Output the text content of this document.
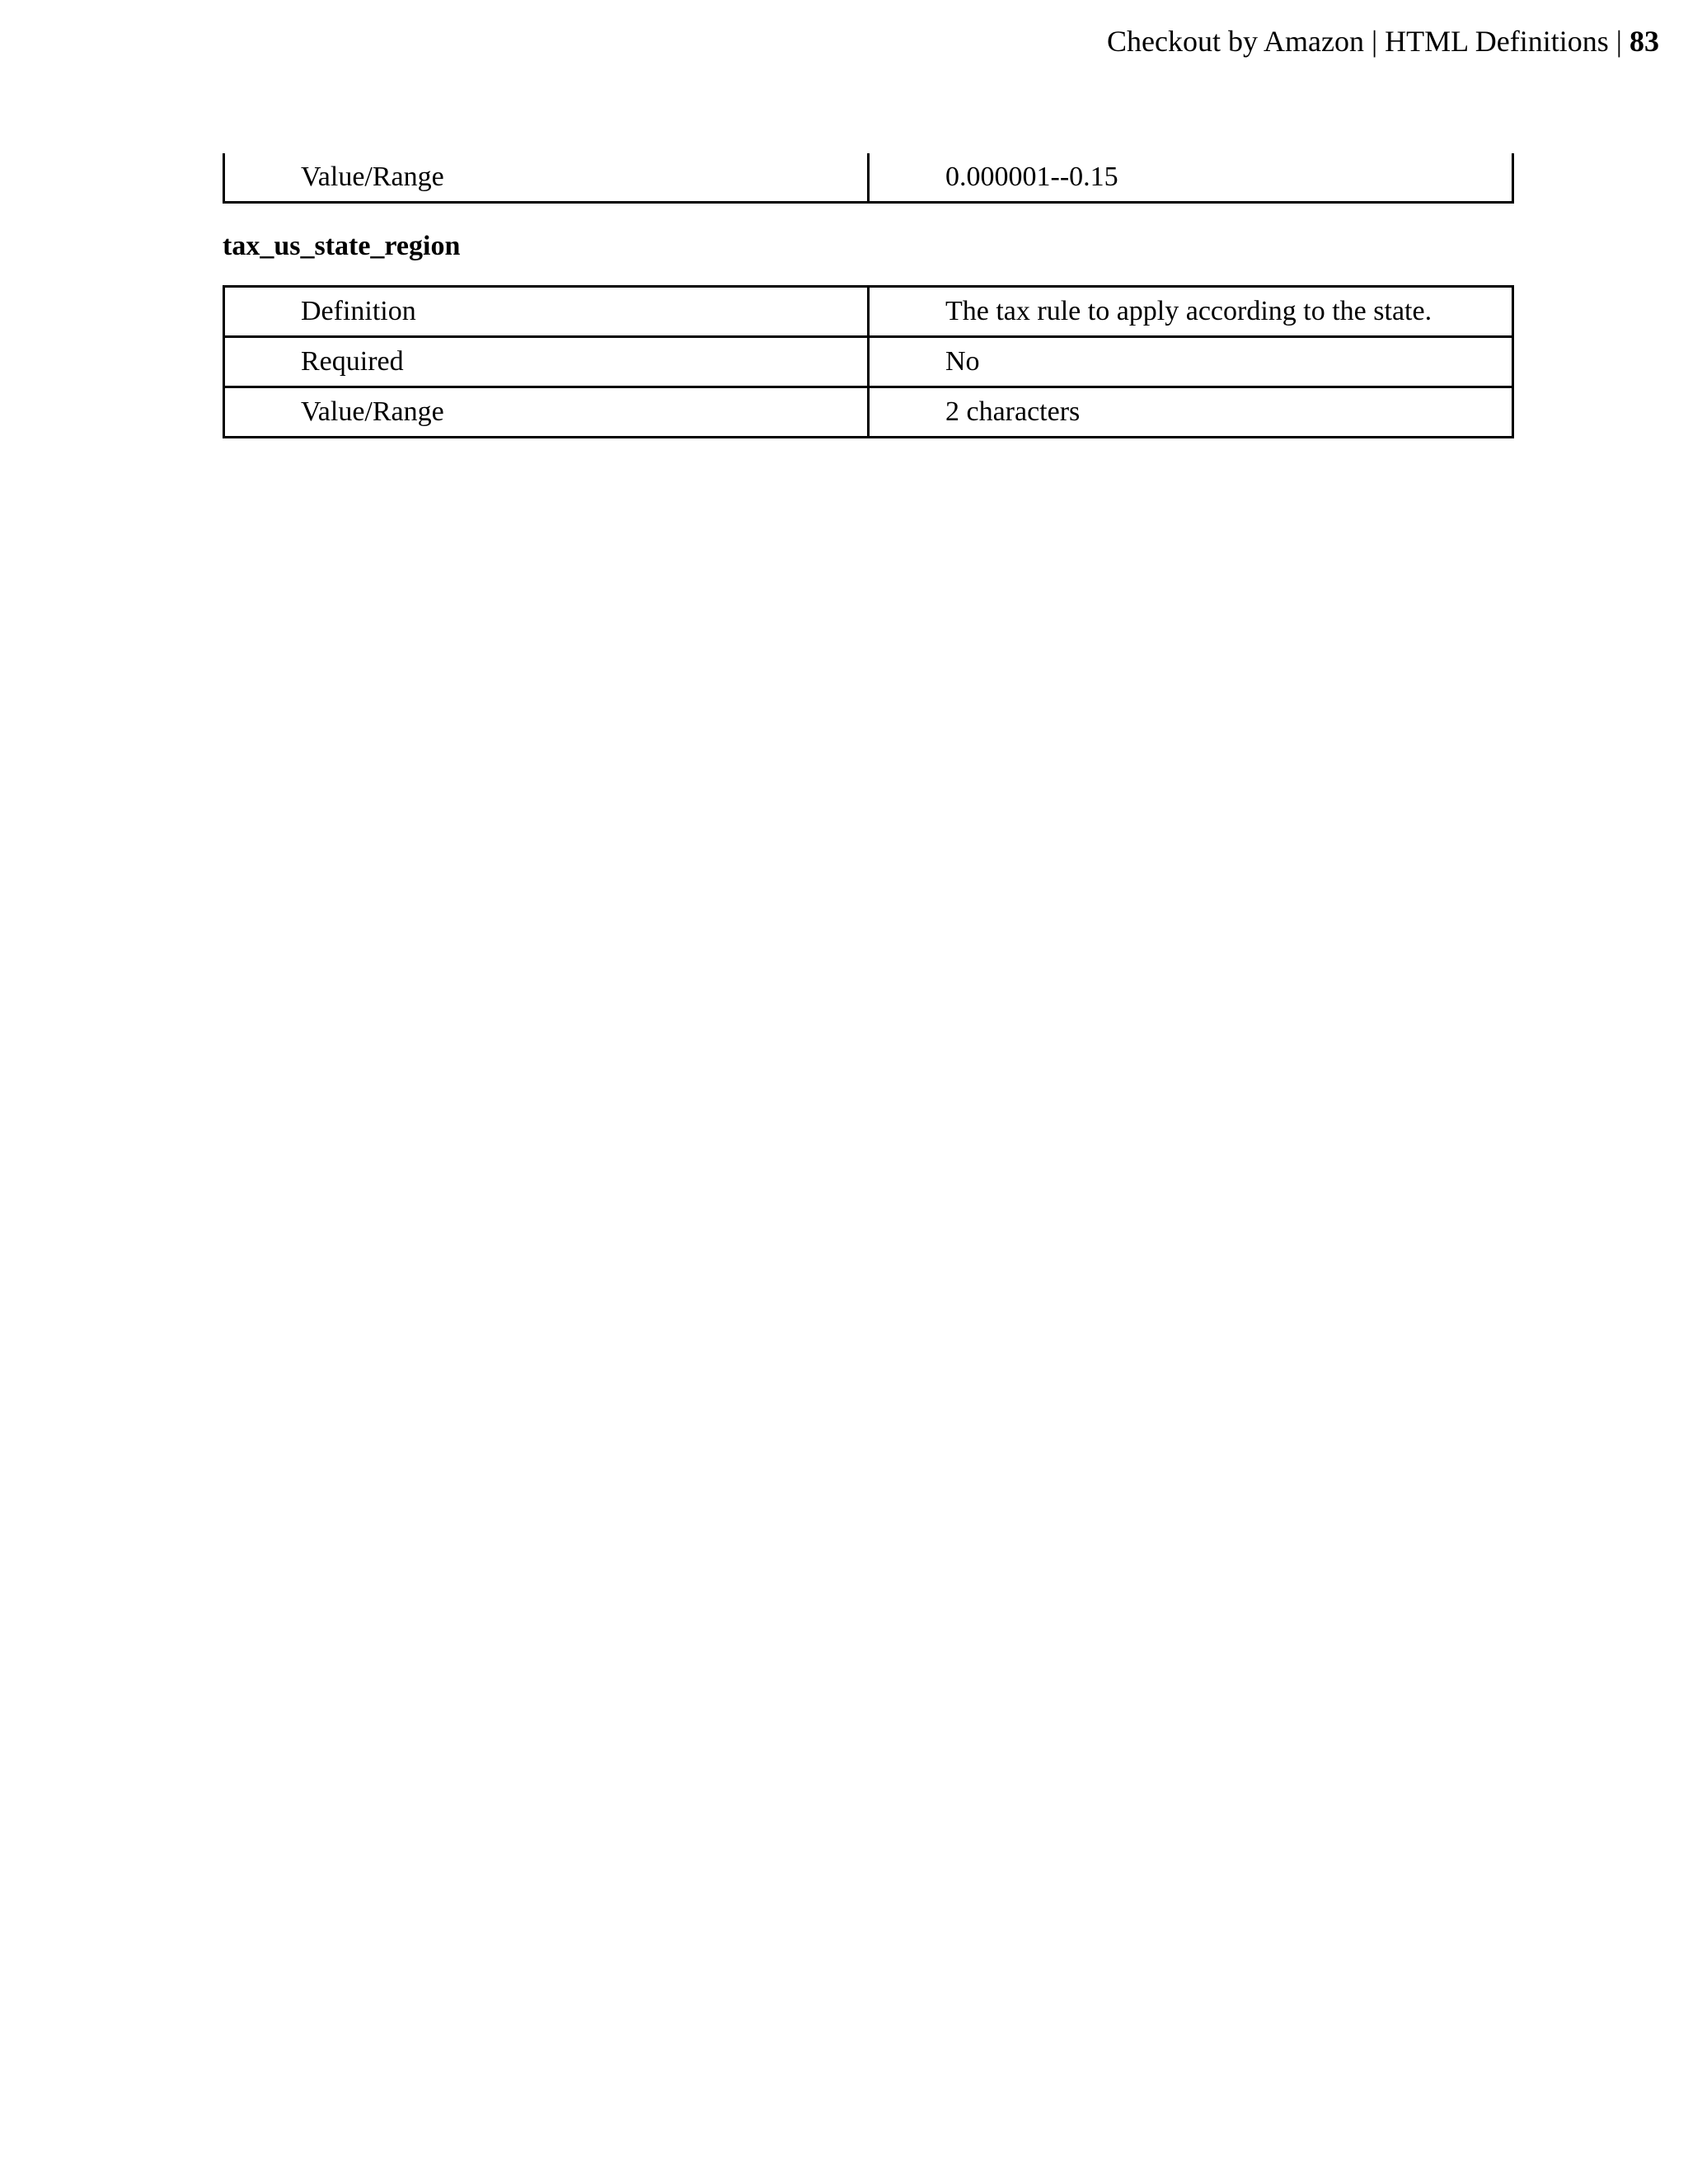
Checkout by Amazon | HTML Definitions | 83
Value/Range	0.000001--0.15
tax_us_state_region
Definition	The tax rule to apply according to the state.
Required	No
Value/Range	2 characters
